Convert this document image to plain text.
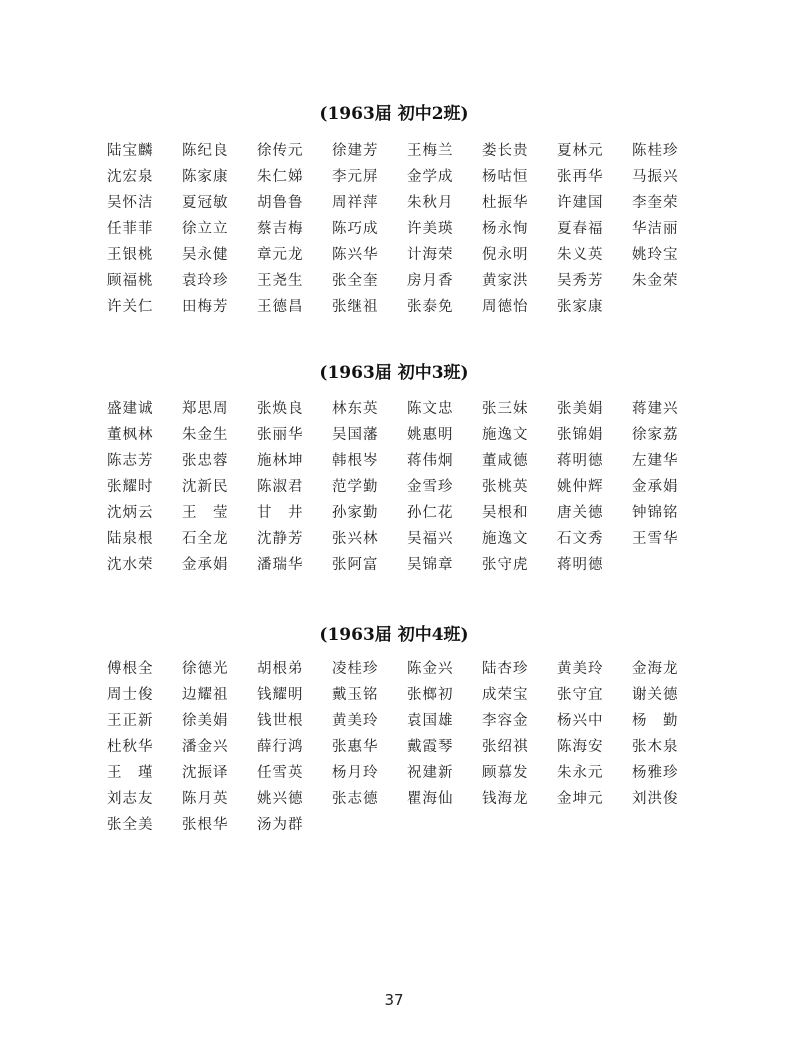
(1963届 初中2班)
陆宝麟	陈纪良	徐传元	徐建芳	王梅兰	娄长贵	夏林元	陈桂珍
沈宏泉	陈家康	朱仁娣	李元屏	金学成	杨咕恒	张再华	马振兴
吴怀洁	夏冠敏	胡鲁鲁	周祥萍	朱秋月	杜振华	许建国	李奎荣
任菲菲	徐立立	蔡吉梅	陈巧成	许美瑛	杨永恂	夏春福	华洁丽
王银桃	吴永健	章元龙	陈兴华	计海荣	倪永明	朱义英	姚玲宝
顾福桃	袁玲珍	王尧生	张全奎	房月香	黄家洪	吴秀芳	朱金荣
许关仁	田梅芳	王德昌	张继祖	张泰免	周德怡	张家康
(1963届 初中3班)
盛建诚	郑思周	张焕良	林东英	陈文忠	张三妹	张美娟	蒋建兴
董枫林	朱金生	张丽华	吴国藩	姚惠明	施逸文	张锦娟	徐家荔
陈志芳	张忠蓉	施林坤	韩根岑	蒋伟炯	董咸德	蒋明德	左建华
张耀时	沈新民	陈淑君	范学勤	金雪珍	张桃英	姚仲辉	金承娟
沈炳云	王　莹	甘　井	孙家勤	孙仁花	吴根和	唐关德	钟锦铭
陆泉根	石全龙	沈静芳	张兴林	吴福兴	施逸文	石文秀	王雪华
沈水荣	金承娟	潘瑞华	张阿富	吴锦章	张守虎	蒋明德
(1963届 初中4班)
傅根全	徐德光	胡根弟	凌桂珍	陈金兴	陆杏珍	黄美玲	金海龙
周士俊	边耀祖	钱耀明	戴玉铭	张榔初	成荣宝	张守宜	谢关德
王正新	徐美娟	钱世根	黄美玲	袁国雄	李容金	杨兴中	杨　勤
杜秋华	潘金兴	薛行鸿	张惠华	戴霞琴	张绍祺	陈海安	张木泉
王　瑾	沈振译	任雪英	杨月玲	祝建新	顾慕发	朱永元	杨雅珍
刘志友	陈月英	姚兴德	张志德	瞿海仙	钱海龙	金坤元	刘洪俊
张全美	张根华	汤为群
37
